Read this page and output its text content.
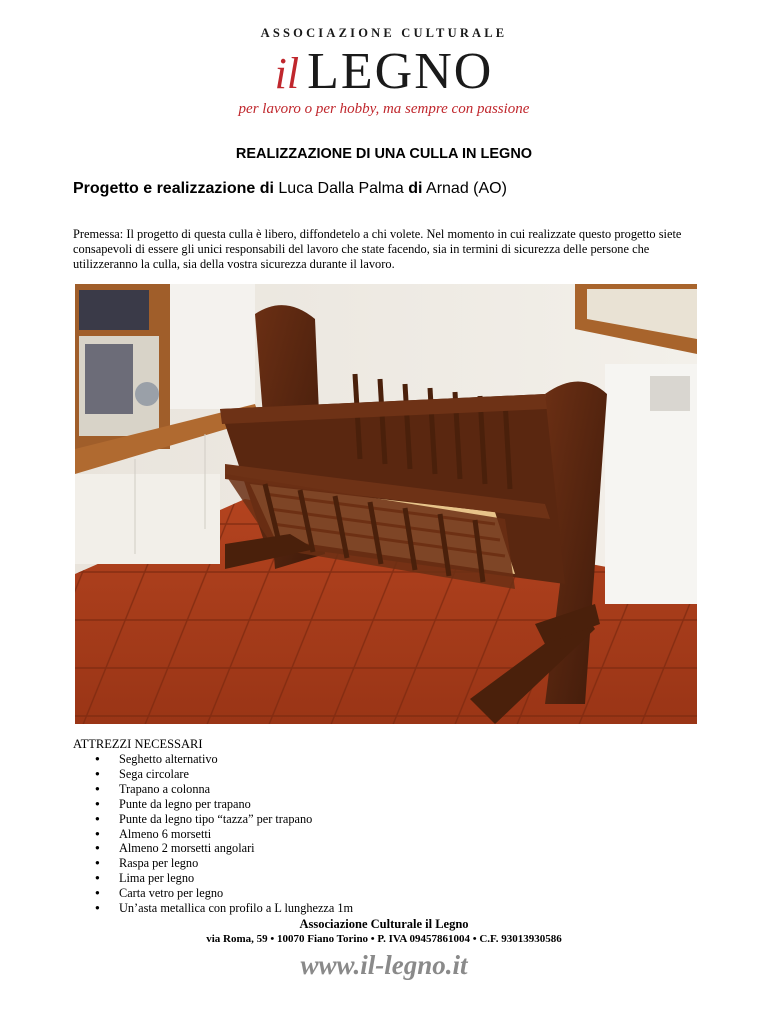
ASSOCIAZIONE CULTURALE
il LEGNO
per lavoro o per hobby, ma sempre con passione
REALIZZAZIONE DI UNA CULLA IN LEGNO
Progetto e realizzazione di Luca Dalla Palma di Arnad (AO)
Premessa: Il progetto di questa culla è libero, diffondetelo a chi volete. Nel momento in cui realizzate questo progetto siete consapevoli di essere gli unici responsabili del lavoro che state facendo, sia in termini di sicurezza delle persone che utilizzeranno la culla, sia della vostra sicurezza durante il lavoro.
ATTREZZI NECESSARI
● Seghetto alternativo
● Sega circolare
● Trapano a colonna
● Punte da legno per trapano
● Punte da legno tipo “tazza” per trapano
● Almeno 6 morsetti
● Almeno 2 morsetti angolari
● Raspa per legno
● Lima per legno
● Carta vetro per legno
● Un’asta metallica con profilo a L lunghezza 1m
Associazione Culturale il Legno
via Roma, 59 • 10070 Fiano Torino • P. IVA 09457861004 • C.F. 93013930586
www.il-legno.it
